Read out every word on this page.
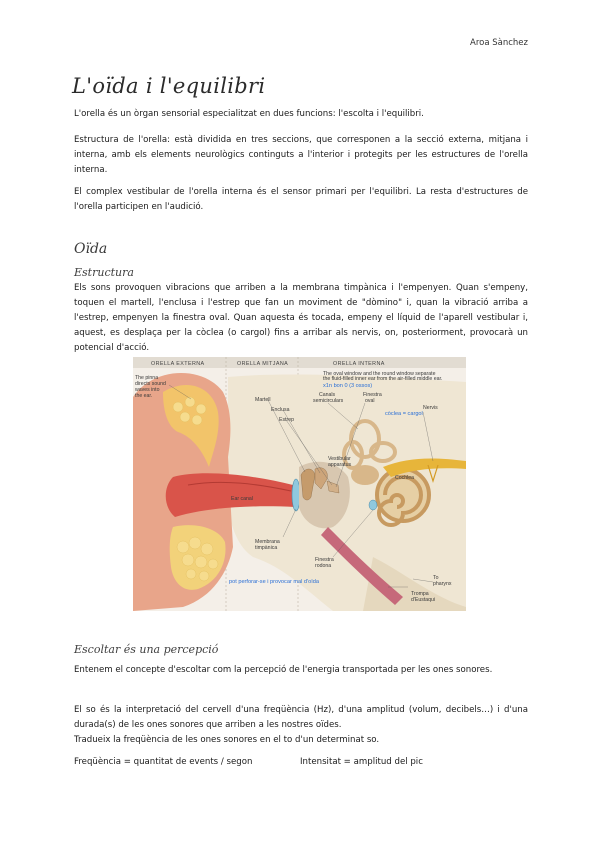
Aroa Sànchez
L'oïda i l'equilibri

L'orella és un òrgan sensorial especialitzat en dues funcions: l'escolta i l'equilibri.

Estructura de l'orella: està dividida en tres seccions, que corresponen a la secció externa, mitjana i interna, amb els elements neurològics continguts a l'interior i protegits per les estructures de l'orella interna.

El complex vestibular de l'orella interna és el sensor primari per l'equilibri. La resta d'estructures de l'orella participen en l'audició.

Oïda
Estructura

Els sons provoquen vibracions que arriben a la membrana timpànica i l'empenyen. Quan s'empeny, toquen el martell, l'enclusa i l'estrep que fan un moviment de "dòmino" i, quan la vibració arriba a l'estrep, empenyen la finestra oval. Quan aquesta és tocada, empeny el líquid de l'aparell vestibular i, aquest, es desplaça per la còclea (o cargol) fins a arribar als nervis, on, posteriorment, provocarà un potencial d'acció.

ORELLA EXTERNA	ORELLA MITJANA	ORELLA INTERNA
The pinna
directs sound
waves into
the ear.
Martell
Enclusa
Estrep
Canals
semicirculars
Finestra
oval
Nervis
The oval window and the round window separate
the fluid-filled inner ear from the air-filled middle ear.
x1n bon 0 (3 ossos)
còclea = cargol
Ear canal
Vestibular
apparatus
Cochlea
Membrana
timpànica
Finestra
rodona
pot perforar-se i provocar mal d'oïda
To
pharynx
Trompa
d'Eustaqui
Escoltar és una percepció

Entenem el concepte d'escoltar com la percepció de l'energia transportada per les ones sonores.

El so és la interpretació del cervell d'una freqüència (Hz), d'una amplitud (volum, decibels…) i d'una durada(s) de les ones sonores que arriben a les nostres oïdes.

Tradueix la freqüència de les ones sonores en el to d'un determinat so.

Freqüència = quantitat de events / segon	Intensitat = amplitud del pic
